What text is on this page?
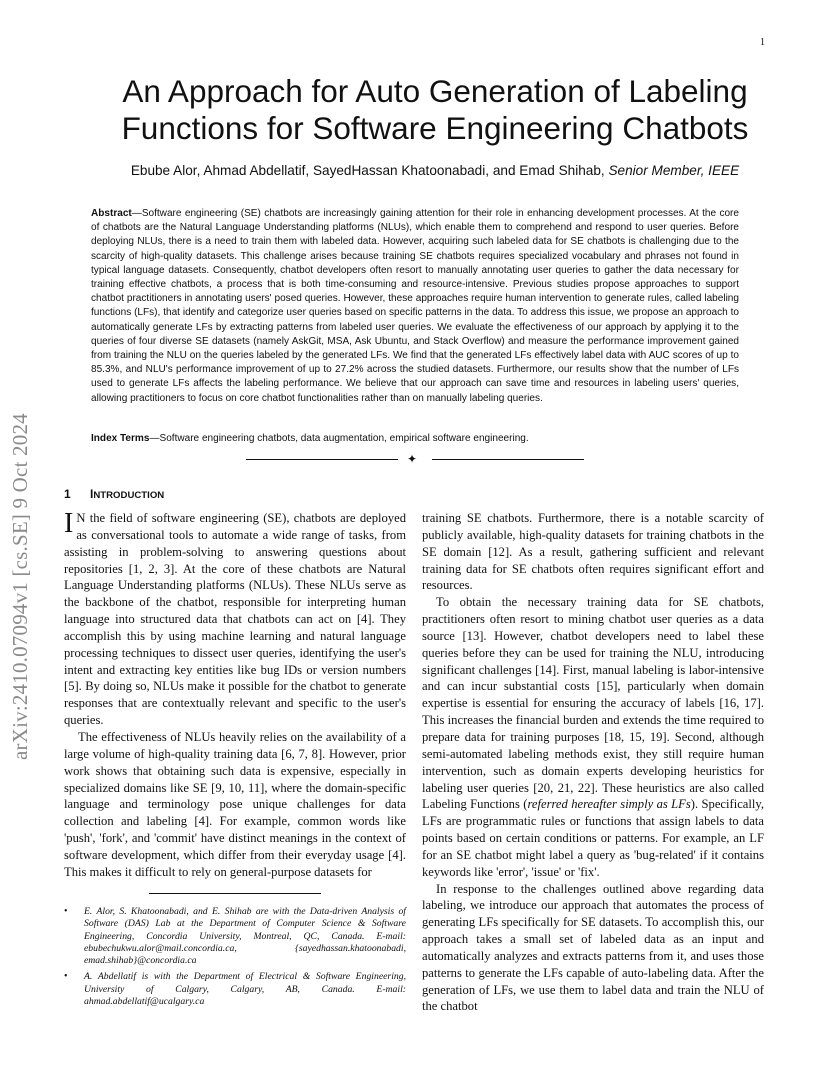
1
arXiv:2410.07094v1 [cs.SE] 9 Oct 2024
An Approach for Auto Generation of Labeling
Functions for Software Engineering Chatbots
Ebube Alor, Ahmad Abdellatif, SayedHassan Khatoonabadi, and Emad Shihab, Senior Member, IEEE

Abstract—Software engineering (SE) chatbots are increasingly gaining attention for their role in enhancing development processes. At the core of chatbots are the Natural Language Understanding platforms (NLUs), which enable them to comprehend and respond to user queries. Before deploying NLUs, there is a need to train them with labeled data. However, acquiring such labeled data for SE chatbots is challenging due to the scarcity of high-quality datasets. This challenge arises because training SE chatbots requires specialized vocabulary and phrases not found in typical language datasets. Consequently, chatbot developers often resort to manually annotating user queries to gather the data necessary for training effective chatbots, a process that is both time-consuming and resource-intensive. Previous studies propose approaches to support chatbot practitioners in annotating users' posed queries. However, these approaches require human intervention to generate rules, called labeling functions (LFs), that identify and categorize user queries based on specific patterns in the data. To address this issue, we propose an approach to automatically generate LFs by extracting patterns from labeled user queries. We evaluate the effectiveness of our approach by applying it to the queries of four diverse SE datasets (namely AskGit, MSA, Ask Ubuntu, and Stack Overflow) and measure the performance improvement gained from training the NLU on the queries labeled by the generated LFs. We find that the generated LFs effectively label data with AUC scores of up to 85.3%, and NLU's performance improvement of up to 27.2% across the studied datasets. Furthermore, our results show that the number of LFs used to generate LFs affects the labeling performance. We believe that our approach can save time and resources in labeling users' queries, allowing practitioners to focus on core chatbot functionalities rather than on manually labeling queries.

Index Terms—Software engineering chatbots, data augmentation, empirical software engineering.

✦
1 INTRODUCTION

I N the field of software engineering (SE), chatbots are deployed as conversational tools to automate a wide range of tasks, from assisting in problem-solving to answering questions about repositories [1, 2, 3]. At the core of these chatbots are Natural Language Understanding platforms (NLUs). These NLUs serve as the backbone of the chatbot, responsible for interpreting human language into structured data that chatbots can act on [4]. They accomplish this by using machine learning and natural language processing techniques to dissect user queries, identifying the user's intent and extracting key entities like bug IDs or version numbers [5]. By doing so, NLUs make it possible for the chatbot to generate responses that are contextually relevant and specific to the user's queries.

The effectiveness of NLUs heavily relies on the availability of a large volume of high-quality training data [6, 7, 8]. However, prior work shows that obtaining such data is expensive, especially in specialized domains like SE [9, 10, 11], where the domain-specific language and terminology pose unique challenges for data collection and labeling [4]. For example, common words like 'push', 'fork', and 'commit' have distinct meanings in the context of software development, which differ from their everyday usage [4]. This makes it difficult to rely on general-purpose datasets for

training SE chatbots. Furthermore, there is a notable scarcity of publicly available, high-quality datasets for training chatbots in the SE domain [12]. As a result, gathering sufficient and relevant training data for SE chatbots often requires significant effort and resources.

To obtain the necessary training data for SE chatbots, practitioners often resort to mining chatbot user queries as a data source [13]. However, chatbot developers need to label these queries before they can be used for training the NLU, introducing significant challenges [14]. First, manual labeling is labor-intensive and can incur substantial costs [15], particularly when domain expertise is essential for ensuring the accuracy of labels [16, 17]. This increases the financial burden and extends the time required to prepare data for training purposes [18, 15, 19]. Second, although semi-automated labeling methods exist, they still require human intervention, such as domain experts developing heuristics for labeling user queries [20, 21, 22]. These heuristics are also called Labeling Functions (referred hereafter simply as LFs). Specifically, LFs are programmatic rules or functions that assign labels to data points based on certain conditions or patterns. For example, an LF for an SE chatbot might label a query as 'bug-related' if it contains keywords like 'error', 'issue' or 'fix'.

In response to the challenges outlined above regarding data labeling, we introduce our approach that automates the process of generating LFs specifically for SE datasets. To accomplish this, our approach takes a small set of labeled data as an input and automatically analyzes and extracts patterns from it, and uses those patterns to generate the LFs capable of auto-labeling data. After the generation of LFs, we use them to label data and train the NLU of the chatbot

• E. Alor, S. Khatoonabadi, and E. Shihab are with the Data-driven Analysis of Software (DAS) Lab at the Department of Computer Science & Software Engineering, Concordia University, Montreal, QC, Canada. E-mail: ebubechukwu.alor@mail.concordia.ca, {sayedhassan.khatoonabadi, emad.shihab}@concordia.ca
• A. Abdellatif is with the Department of Electrical & Software Engineering, University of Calgary, Calgary, AB, Canada. E-mail: ahmad.abdellatif@ucalgary.ca
